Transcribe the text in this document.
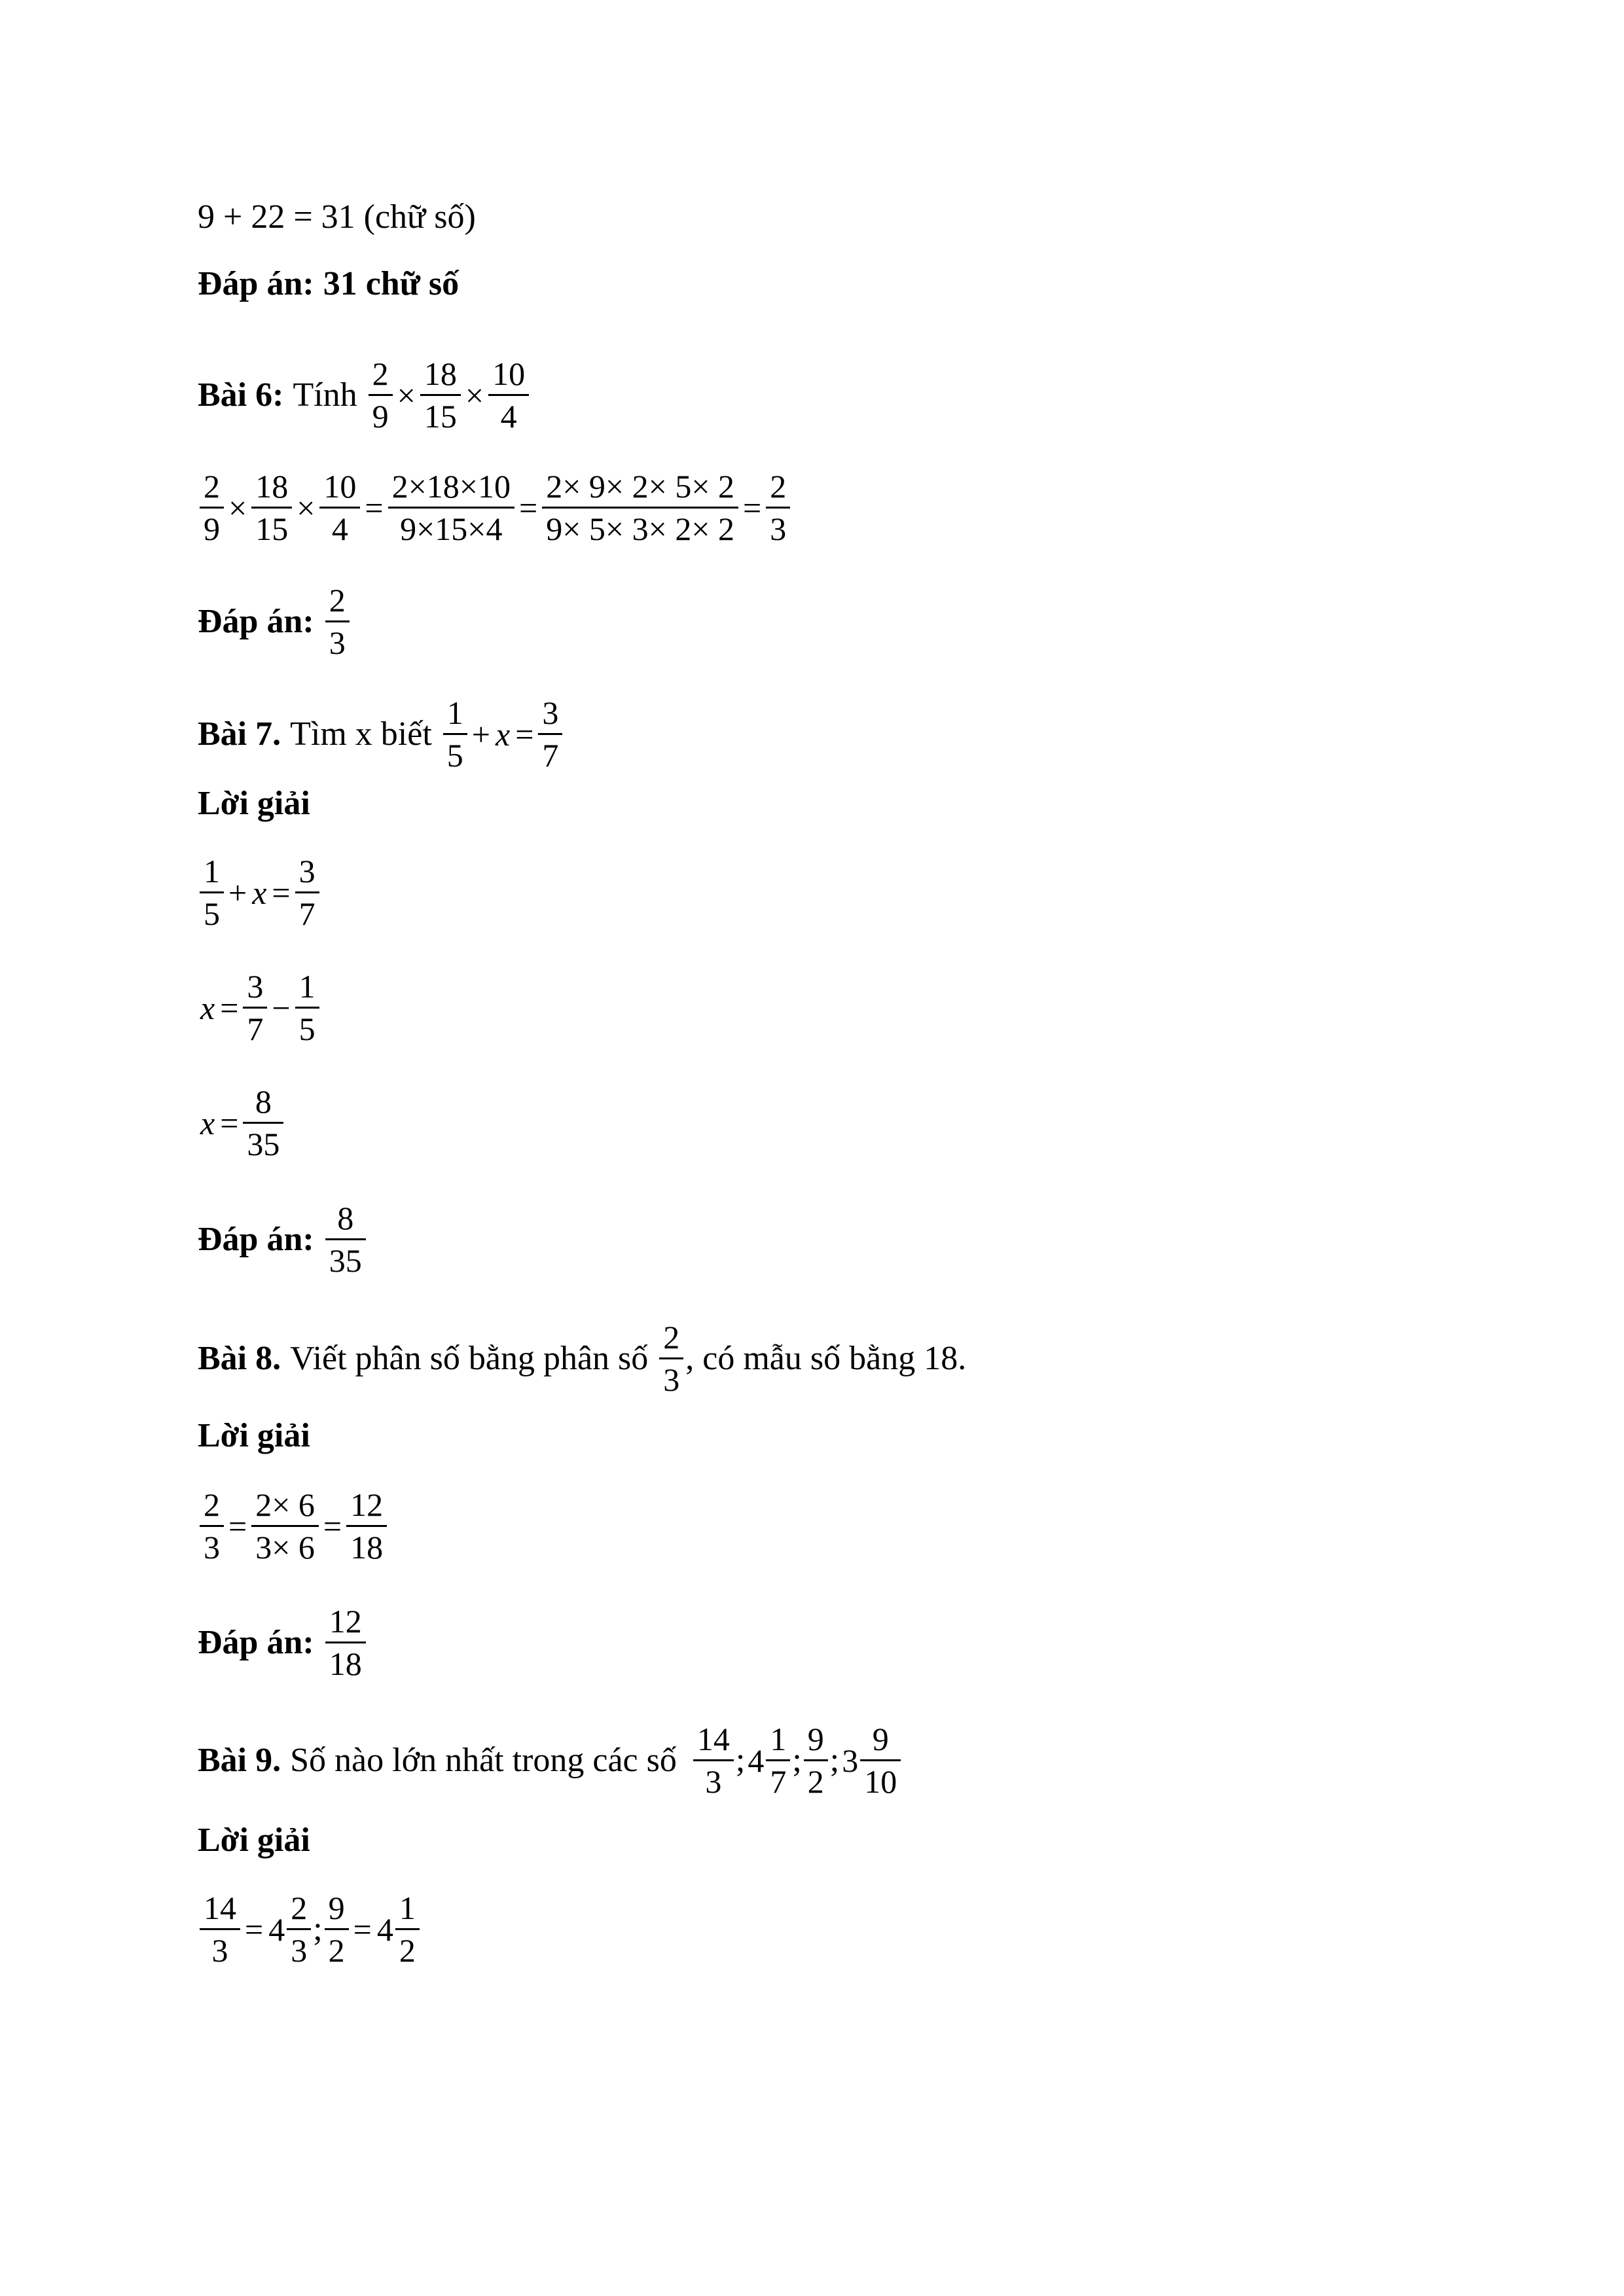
9 + 22 = 31 (chữ số)
Đáp án: 31 chữ số
Bài 6: Tính $\frac{2}{9} \times \frac{18}{15} \times \frac{10}{4}$
$\frac{2}{9} \times \frac{18}{15} \times \frac{10}{4} = \frac{2\times 18\times 10}{9\times 15\times 4} = \frac{2\times 9\times 2\times 5\times 2}{9\times 5\times 3\times 2\times 2} = \frac{2}{3}$
Đáp án: $\frac{2}{3}$
Bài 7. Tìm x biết $\frac{1}{5} + x = \frac{3}{7}$
Lời giải
$\frac{1}{5} + x = \frac{3}{7}$
$x = \frac{3}{7} - \frac{1}{5}$
$x = \frac{8}{35}$
Đáp án: $\frac{8}{35}$
Bài 8. Viết phân số bằng phân số $\frac{2}{3}$ , có mẫu số bằng 18.
Lời giải
$\frac{2}{3} = \frac{2\times 6}{3\times 6} = \frac{12}{18}$
Đáp án: $\frac{12}{18}$
Bài 9. Số nào lớn nhất trong các số $\frac{14}{3}$ ; $4 \frac{1}{7}$ ; $\frac{9}{2}$ ; $3 \frac{9}{10}$
Lời giải
$\frac{14}{3} = 4 \frac{2}{3}$ ; $\frac{9}{2} = 4 \frac{1}{2}$
